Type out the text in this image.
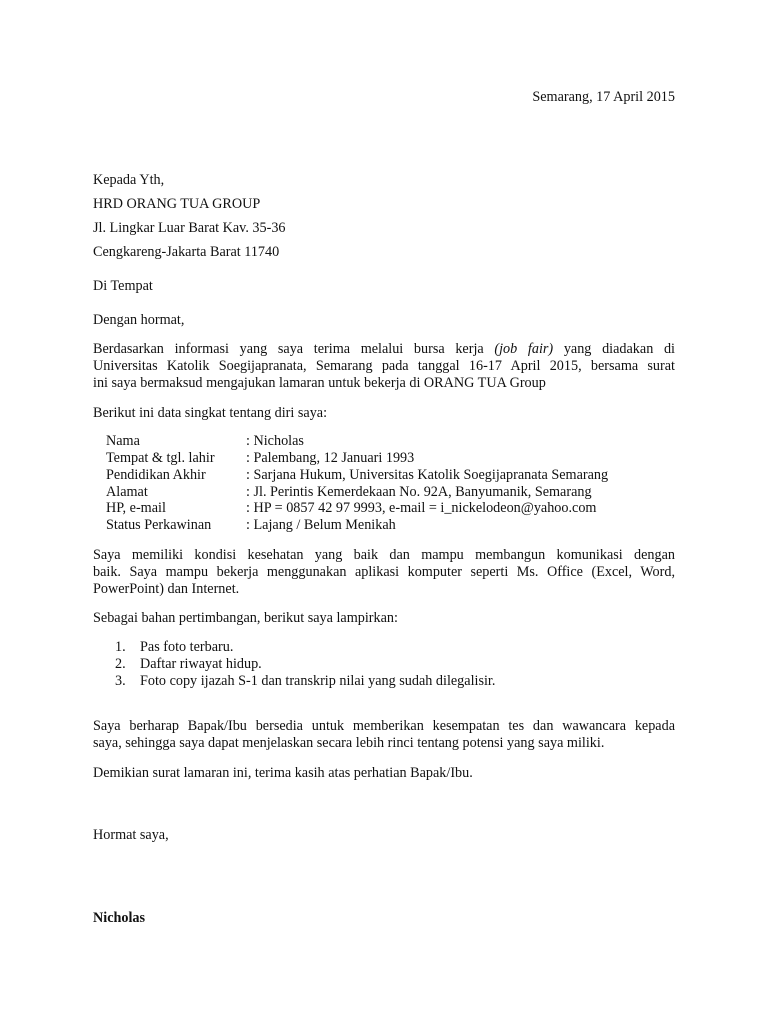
Semarang, 17 April 2015
Kepada Yth,
HRD ORANG TUA GROUP
Jl. Lingkar Luar Barat Kav. 35-36
Cengkareng-Jakarta Barat 11740
Di Tempat
Dengan hormat,
Berdasarkan informasi yang saya terima melalui bursa kerja (job fair) yang diadakan di
Universitas Katolik Soegijapranata, Semarang pada tanggal 16-17 April 2015, bersama surat
ini saya bermaksud mengajukan lamaran untuk bekerja di ORANG TUA Group
Berikut ini data singkat tentang diri saya:
Nama	: Nicholas
Tempat & tgl. lahir : Palembang, 12 Januari 1993
Pendidikan Akhir	: Sarjana Hukum, Universitas Katolik Soegijapranata Semarang
Alamat	: Jl. Perintis Kemerdekaan No. 92A, Banyumanik, Semarang
HP, e-mail	: HP = 0857 42 97 9993, e-mail = i_nickelodeon@yahoo.com
Status Perkawinan : Lajang / Belum Menikah
Saya memiliki kondisi kesehatan yang baik dan mampu membangun komunikasi dengan
baik. Saya mampu bekerja menggunakan aplikasi komputer seperti Ms. Office (Excel, Word,
PowerPoint) dan Internet.
Sebagai bahan pertimbangan, berikut saya lampirkan:
1. Pas foto terbaru.
2. Daftar riwayat hidup.
3. Foto copy ijazah S-1 dan transkrip nilai yang sudah dilegalisir.
Saya berharap Bapak/Ibu bersedia untuk memberikan kesempatan tes dan wawancara kepada
saya, sehingga saya dapat menjelaskan secara lebih rinci tentang potensi yang saya miliki.
Demikian surat lamaran ini, terima kasih atas perhatian Bapak/Ibu.
Hormat saya,
Nicholas
